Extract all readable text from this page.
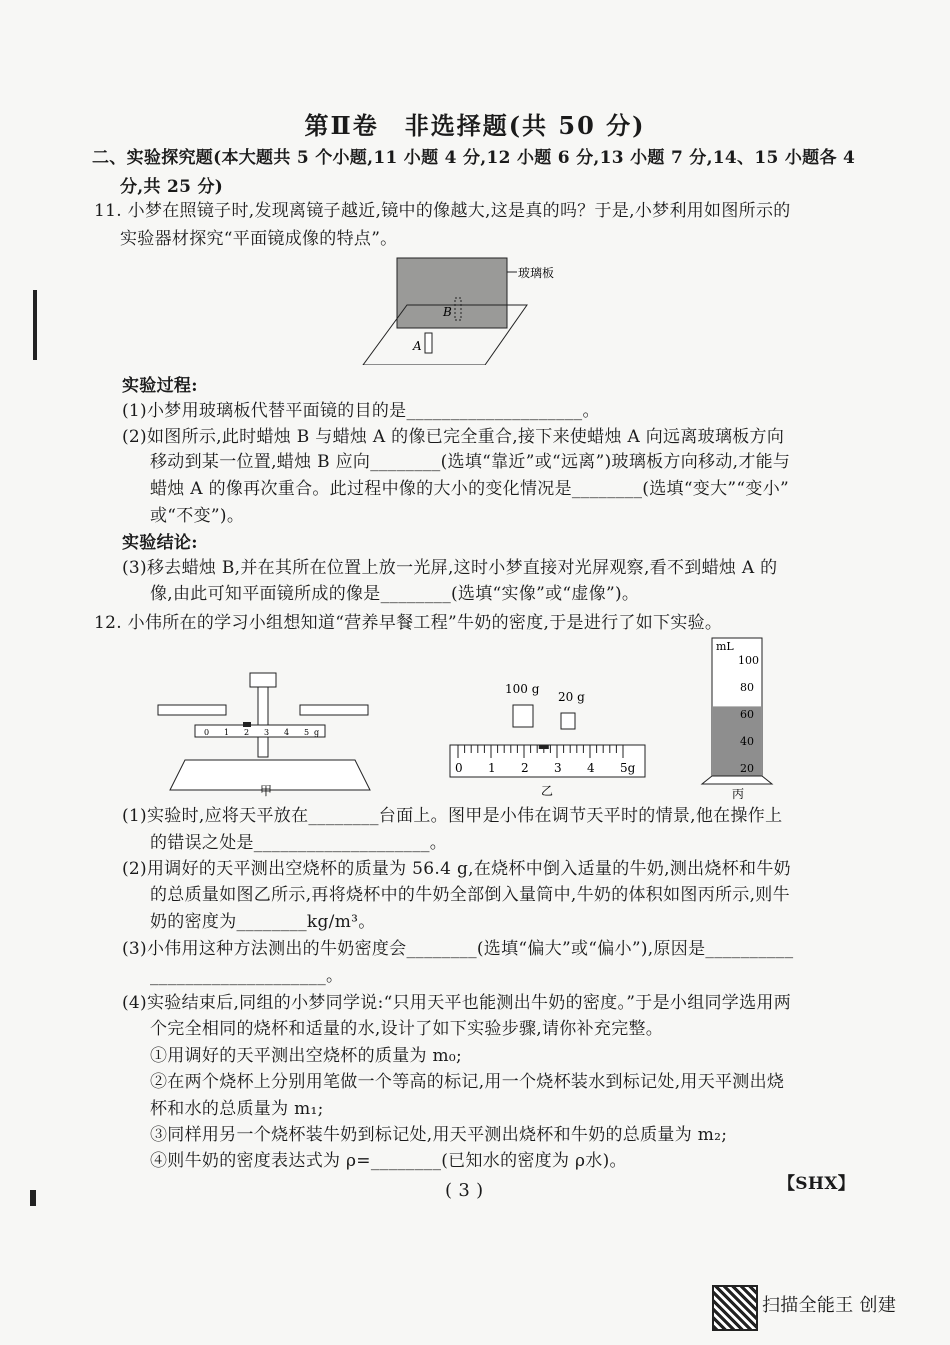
第Ⅱ卷　非选择题(共 50 分)
二、实验探究题(本大题共 5 个小题,11 小题 4 分,12 小题 6 分,13 小题 7 分,14、15 小题各 4
分,共 25 分)
11. 小梦在照镜子时,发现离镜子越近,镜中的像越大,这是真的吗？于是,小梦利用如图所示的
实验器材探究“平面镜成像的特点”。
玻璃板
B
A
实验过程:
(1)小梦用玻璃板代替平面镜的目的是____________________。
(2)如图所示,此时蜡烛 B 与蜡烛 A 的像已完全重合,接下来使蜡烛 A 向远离玻璃板方向
移动到某一位置,蜡烛 B 应向________(选填“靠近”或“远离”)玻璃板方向移动,才能与
蜡烛 A 的像再次重合。此过程中像的大小的变化情况是________(选填“变大”“变小”
或“不变”)。
实验结论:
(3)移去蜡烛 B,并在其所在位置上放一光屏,这时小梦直接对光屏观察,看不到蜡烛 A 的
像,由此可知平面镜所成的像是________(选填“实像”或“虚像”)。
12. 小伟所在的学习小组想知道“营养早餐工程”牛奶的密度,于是进行了如下实验。
0 1 2 3 4 5 g
甲
100 g
20 g
0 1 2 3 4 5g
乙
mL
100
80
60
40
20
丙
(1)实验时,应将天平放在________台面上。图甲是小伟在调节天平时的情景,他在操作上
的错误之处是____________________。
(2)用调好的天平测出空烧杯的质量为 56.4 g,在烧杯中倒入适量的牛奶,测出烧杯和牛奶
的总质量如图乙所示,再将烧杯中的牛奶全部倒入量筒中,牛奶的体积如图丙所示,则牛
奶的密度为________kg/m³。
(3)小伟用这种方法测出的牛奶密度会________(选填“偏大”或“偏小”),原因是__________
____________________。
(4)实验结束后,同组的小梦同学说:“只用天平也能测出牛奶的密度。”于是小组同学选用两
个完全相同的烧杯和适量的水,设计了如下实验步骤,请你补充完整。
①用调好的天平测出空烧杯的质量为 m₀;
②在两个烧杯上分别用笔做一个等高的标记,用一个烧杯装水到标记处,用天平测出烧
杯和水的总质量为 m₁;
③同样用另一个烧杯装牛奶到标记处,用天平测出烧杯和牛奶的总质量为 m₂;
④则牛奶的密度表达式为 ρ=________(已知水的密度为 ρ水)。
( 3 )	【SHX】
扫描全能王 创建
